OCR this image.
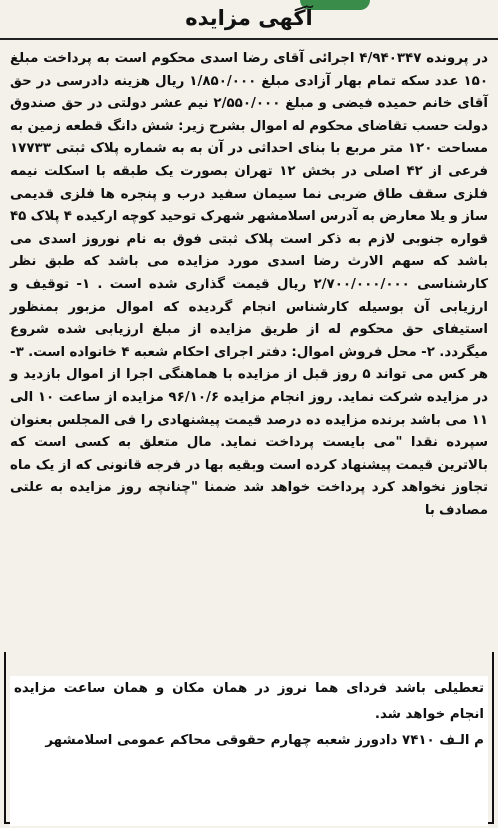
آگهی مزایده

در پرونده ۴/۹۴۰۳۴۷ اجرائی آقای رضا اسدی محکوم است به پرداخت مبلغ ۱۵۰ عدد سکه تمام بهار آزادی مبلغ ۱/۸۵۰/۰۰۰ ریال هزینه دادرسی در حق آقای خانم حمیده فیضی و مبلغ ۲/۵۵۰/۰۰۰ نیم عشر دولتی در حق صندوق دولت حسب تقاضای محکوم له اموال بشرح زیر: شش دانگ قطعه زمین به مساحت ۱۲۰ متر مربع با بنای احداثی در آن به به شماره پلاک ثبتی ۱۷۷۳۳ فرعی از ۴۲ اصلی در بخش ۱۲ تهران بصورت یک طبقه با اسکلت نیمه فلزی سقف طاق ضربی نما سیمان سفید درب و پنجره ها فلزی قدیمی ساز و یلا معارض به آدرس اسلامشهر شهرک توحید کوچه ارکیده ۴ پلاک ۴۵ قواره جنوبی لازم به ذکر است پلاک ثبتی فوق به نام نوروز اسدی می باشد که سهم الارث رضا اسدی مورد مزایده می باشد که طبق نظر کارشناسی ۲/۷۰۰/۰۰۰/۰۰۰ ریال قیمت گذاری شده است . ۱- توقیف و ارزیابی آن بوسیله کارشناس انجام گردیده که اموال مزبور بمنظور استیفای حق محکوم له از طریق مزایده از مبلغ ارزیابی شده شروع میگردد. ۲- محل فروش اموال: دفتر اجرای احکام شعبه ۴ خانواده است. ۳- هر کس می تواند ۵ روز قبل از مزایده با هماهنگی اجرا از اموال بازدید و در مزایده شرکت نماید. روز انجام مزایده ۹۶/۱۰/۶ مزایده از ساعت ۱۰ الی ۱۱ می باشد برنده مزایده ده درصد قیمت پیشنهادی را فی المجلس بعنوان سپرده نقدا "می بایست پرداخت نماید. مال متعلق به کسی است که بالاترین قیمت پیشنهاد کرده است وبقیه بها در فرجه قانونی که از یک ماه تجاوز نخواهد کرد پرداخت خواهد شد ضمنا "چنانچه روز مزایده به علتی مصادف با

تعطیلی باشد فردای هما نروز در همان مکان و همان ساعت مزایده انجام خواهد شد.

م الـف ۷۴۱۰ دادورز شعبه چهارم حقوقی محاکم عمومی اسلامشهر
